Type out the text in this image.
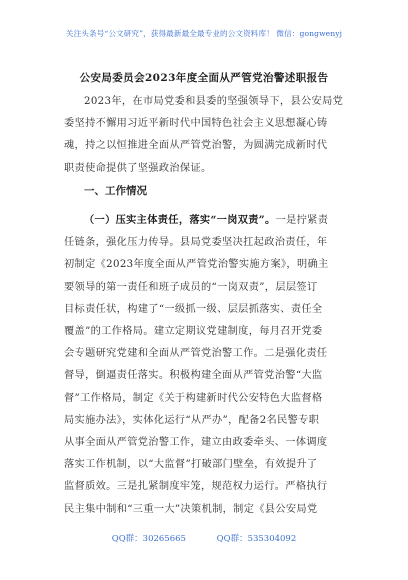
关注头条号“公文研究”，获得最新最全最专业的公文资料库！ 微信：gongwenyj
公安局委员会2023年度全面从严管党治警述职报告
2023年，在市局党委和县委的坚强领导下，县公安局党
委坚持不懈用习近平新时代中国特色社会主义思想凝心铸
魂，持之以恒推进全面从严管党治警，为圆满完成新时代
职责使命提供了坚强政治保证。
一、工作情况
（一）压实主体责任，落实“一岗双责”。一是拧紧责
任链条，强化压力传导。县局党委坚决扛起政治责任，年
初制定《2023年度全面从严管党治警实施方案》，明确主
要领导的第一责任和班子成员的“一岗双责”，层层签订
目标责任状，构建了“一级抓一级、层层抓落实、责任全
覆盖”的工作格局。建立定期议党建制度，每月召开党委
会专题研究党建和全面从严管党治警工作。二是强化责任
督导，倒逼责任落实。积极构建全面从严管党治警“大监
督”工作格局，制定《关于构建新时代公安特色大监督格
局实施办法》，实体化运行“从严办”，配备2名民警专职
从事全面从严管党治警工作，建立由政委牵头、一体调度
落实工作机制，以“大监督”打破部门壁垒，有效提升了
监督质效。三是扎紧制度牢笼，规范权力运行。严格执行
民主集中制和“三重一大”决策机制，制定《县公安局党
QQ群：30265665	QQ群：535304092
